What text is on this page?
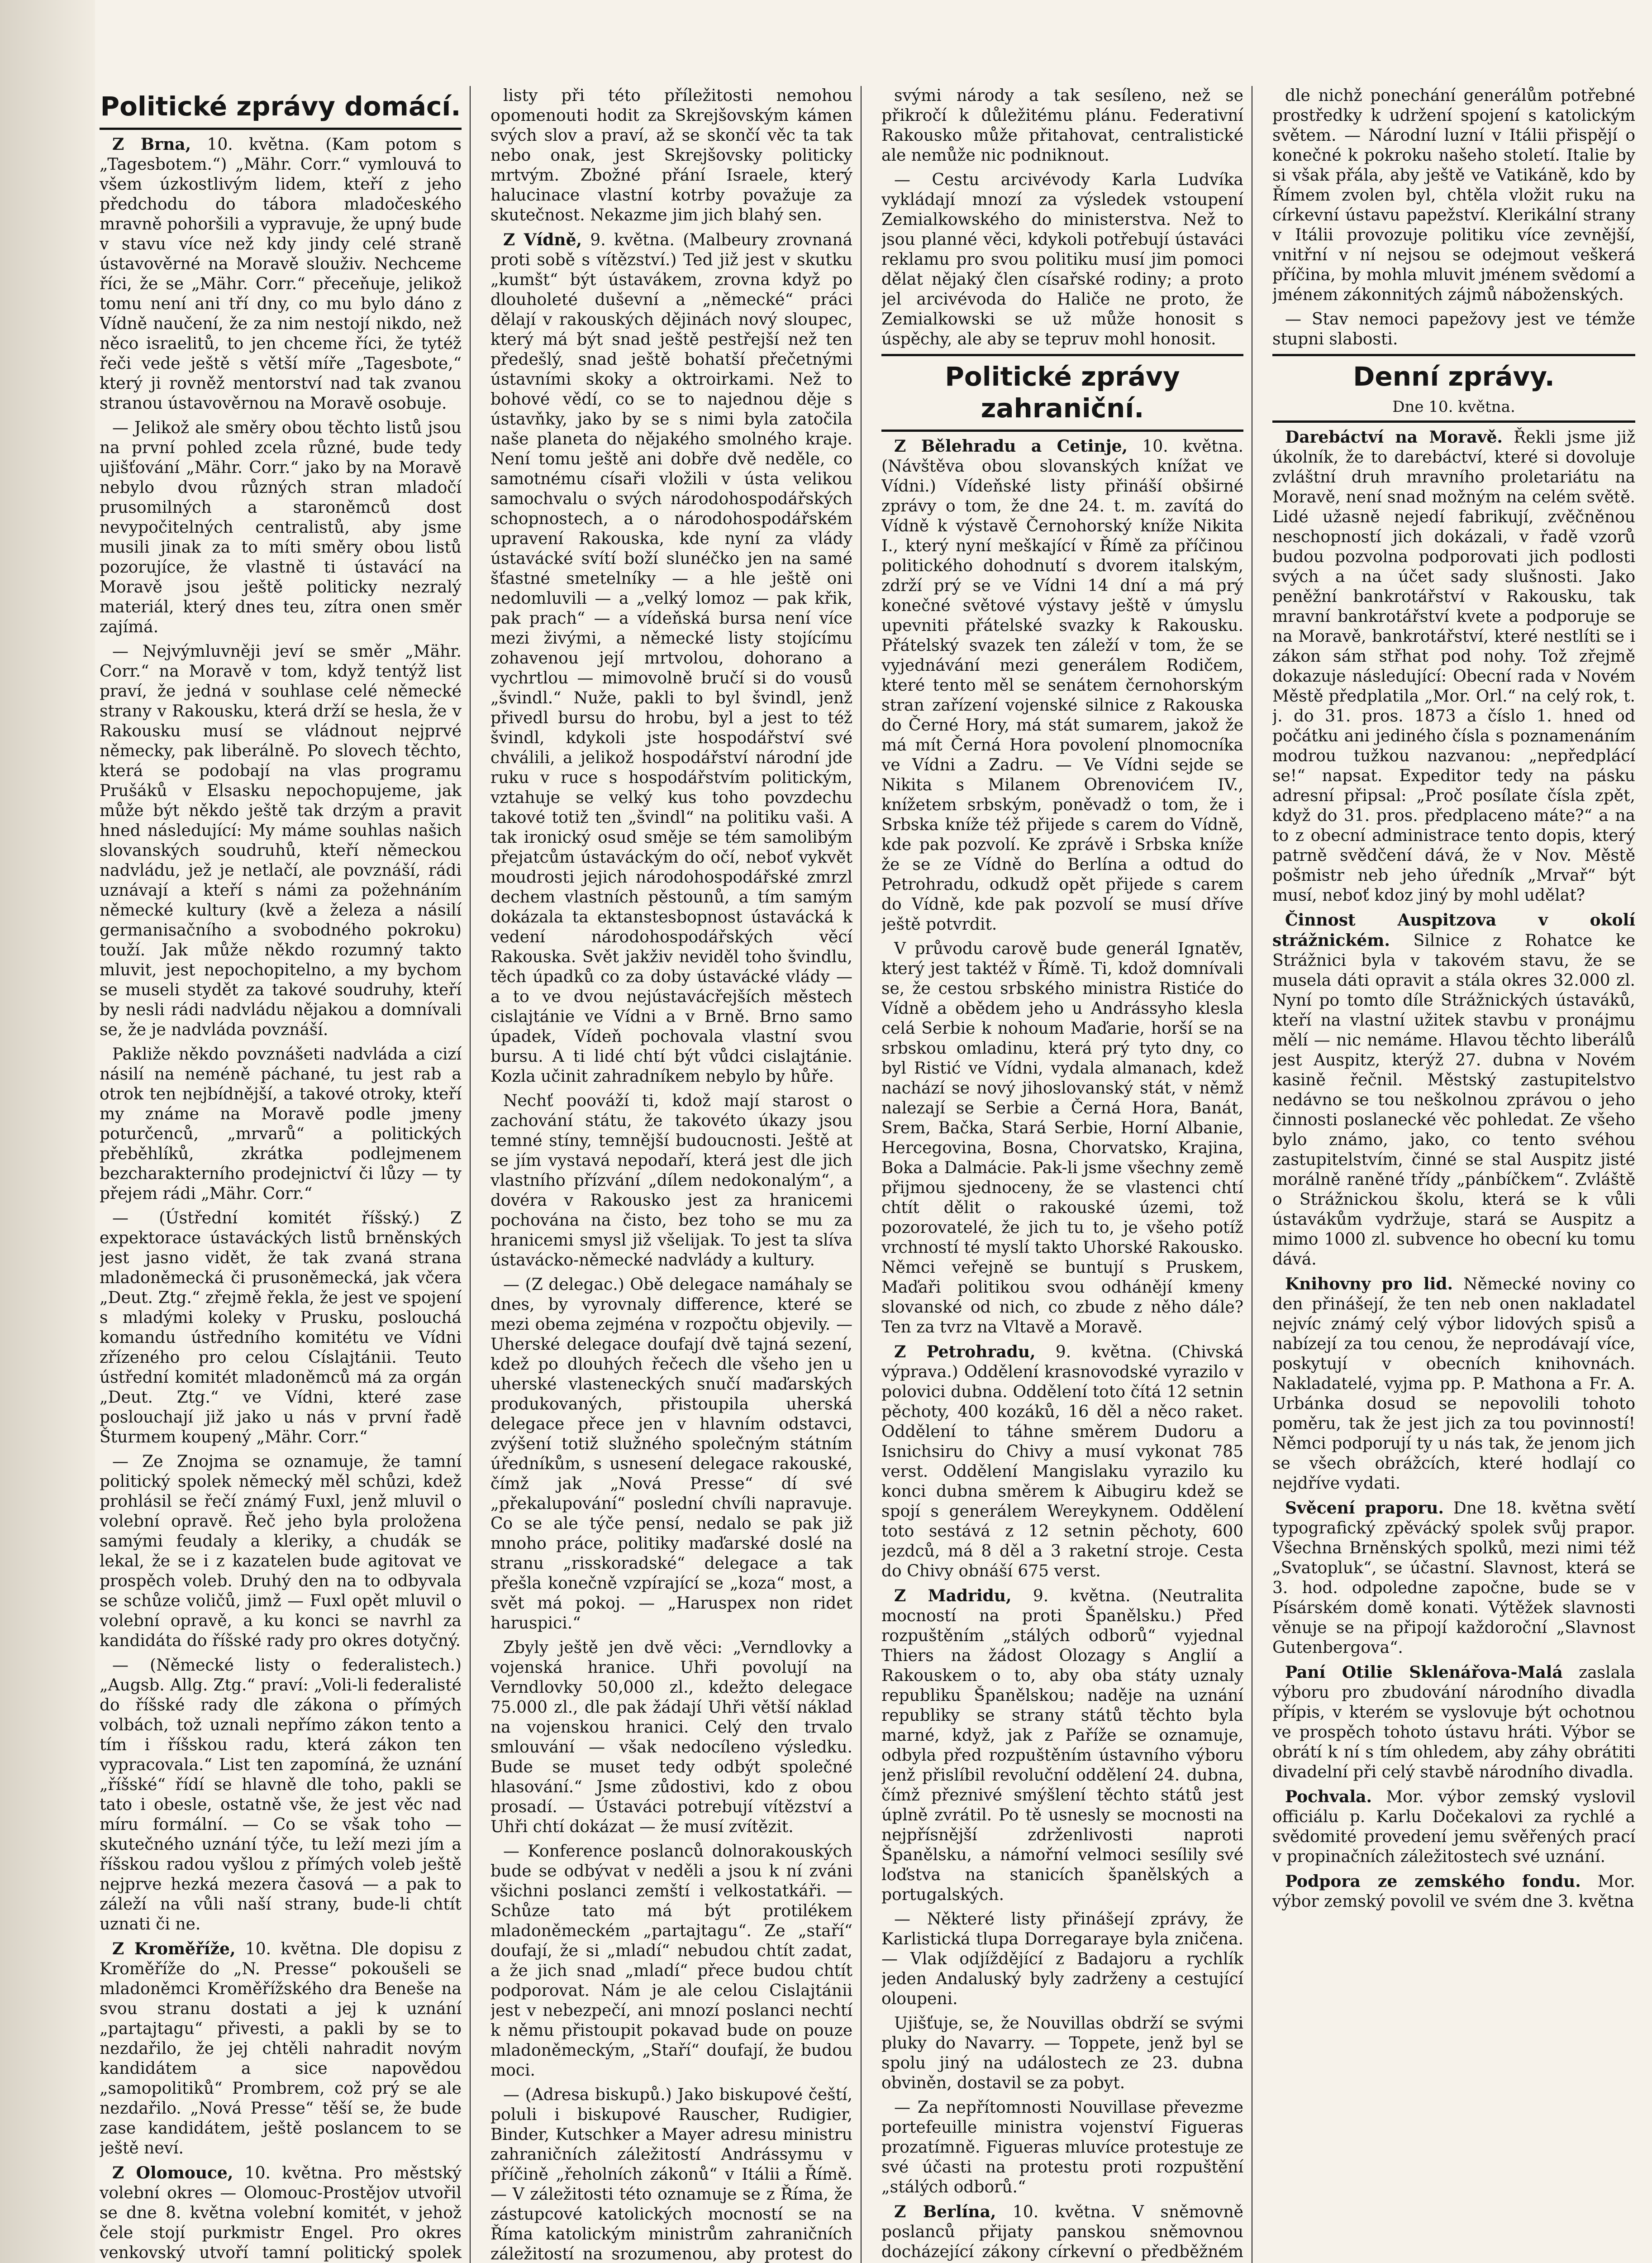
Politické zprávy domácí.

Z Brna, 10. května. (Kam potom s „Tagesbotem.“) „Mähr. Corr.“ vymlouvá to všem úzkostlivým lidem, kteří z jeho předchodu do tábora mladočeského mravně pohoršili a vypravuje, že upný bude v stavu více než kdy jindy celé straně ústavověrné na Moravě slouživ. Nechceme říci, že se „Mähr. Corr.“ přeceňuje, jelikož tomu není ani tří dny, co mu bylo dáno z Vídně naučení, že za nim nestojí nikdo, než něco israelitů, to jen chceme říci, že tytéž řeči vede ještě s větší míře „Tagesbote,“ který ji rovněž mentorství nad tak zvanou stranou ústavověrnou na Moravě osobuje.

— Jelikož ale směry obou těchto listů jsou na první pohled zcela různé, bude tedy ujišťování „Mähr. Corr.“ jako by na Moravě nebylo dvou různých stran mladočí prusomilných a staroněmců dost nevypočitelných centralistů, aby jsme musili jinak za to míti směry obou listů pozorujíce, že vlastně ti ústavácí na Moravě jsou ještě politicky nezralý materiál, který dnes teu, zítra onen směr zajímá.

— Nejvýmluvněji jeví se směr „Mähr. Corr.“ na Moravě v tom, když tentýž list praví, že jedná v souhlase celé německé strany v Rakousku, která drží se hesla, že v Rakousku musí se vládnout nejprvé německy, pak liberálně. Po slovech těchto, která se podobají na vlas programu Prušáků v Elsasku nepochopujeme, jak může být někdo ještě tak drzým a pravit hned následující: My máme souhlas našich slovanských soudruhů, kteří německou nadvládu, jež je netlačí, ale povznáší, rádi uznávají a kteří s námi za požehnáním německé kultury (kvě a železa a násilí germanisačního a svobodného pokroku) touží. Jak může někdo rozumný takto mluvit, jest nepochopitelno, a my bychom se museli stydět za takové soudruhy, kteří by nesli rádi nadvládu nějakou a domnívali se, že je nadvláda povznáší.

Pakliže někdo povznášeti nadvláda a cizí násilí na neméně páchané, tu jest rab a otrok ten nejbídnější, a takové otroky, kteří my známe na Moravě podle jmeny poturčenců, „mrvarů“ a politických přeběhlíků, zkrátka podlejmenem bezcharakterního prodejnictví či lůzy — ty přejem rádi „Mähr. Corr.“

— (Ústřední komitét říšský.) Z expektorace ústaváckých listů brněnských jest jasno vidět, že tak zvaná strana mladoněmecká či prusoněmecká, jak včera „Deut. Ztg.“ zřejmě řekla, že jest ve spojení s mladými koleky v Prusku, poslouchá komandu ústředního komitétu ve Vídni zřízeného pro celou Císlajtánii. Teuto ústřední komitét mladoněmců má za orgán „Deut. Ztg.“ ve Vídni, které zase poslouchají již jako u nás v první řadě Šturmem koupený „Mähr. Corr.“

— Ze Znojma se oznamuje, že tamní politický spolek německý měl schůzi, kdež prohlásil se řečí známý Fuxl, jenž mluvil o volební opravě. Řeč jeho byla proložena samými feudaly a kleriky, a chudák se lekal, že se i z kazatelen bude agitovat ve prospěch voleb. Druhý den na to odbyvala se schůze voličů, jimž — Fuxl opět mluvil o volební opravě, a ku konci se navrhl za kandidáta do říšské rady pro okres dotyčný.

— (Německé listy o federalistech.) „Augsb. Allg. Ztg.“ praví: „Voli-li federalisté do říšské rady dle zákona o přímých volbách, tož uznali nepřímo zákon tento a tím i říšskou radu, která zákon ten vypracovala.“ List ten zapomíná, že uznání „říšské“ řídí se hlavně dle toho, pakli se tato i obesle, ostatně vše, že jest věc nad míru formální. — Co se však toho — skutečného uznání týče, tu leží mezi jím a říšskou radou vyšlou z přímých voleb ještě nejprve hezká mezera časová — a pak to záleží na vůli naší strany, bude-li chtít uznati či ne.

Z Kroměříže, 10. května. Dle dopisu z Kroměříže do „N. Presse“ pokoušeli se mladoněmci Kroměřížského dra Beneše na svou stranu dostati a jej k uznání „partajtagu“ přivesti, a pakli by se to nezdařilo, že jej chtěli nahradit novým kandidátem a sice napovědou „samopolitiků“ Prombrem, což prý se ale nezdařilo. „Nová Presse“ těší se, že bude zase kandidátem, ještě poslancem to se ještě neví.

Z Olomouce, 10. května. Pro městský volební okres — Olomouc-Prostějov utvořil se dne 8. května volební komitét, v jehož čele stojí purkmistr Engel. Pro okres venkovský utvoří tamní politický spolek

listy při této příležitosti nemohou opomenouti hodit za Skrejšovským kámen svých slov a praví, až se skončí věc ta tak nebo onak, jest Skrejšovsky politicky mrtvým. Zbožné přání Israele, který halucinace vlastní kotrby považuje za skutečnost. Nekazme jim jich blahý sen.

Z Vídně, 9. května. (Malbeury zrovnaná proti sobě s vítězství.) Ted již jest v skutku „kumšt“ být ústavákem, zrovna když po dlouholeté duševní a „německé“ práci dělají v rakouských dějinách nový sloupec, který má být snad ještě pestřejší než ten předešlý, snad ještě bohatší přečetnými ústavními skoky a oktroirkami. Než to bohové vědí, co se to najednou děje s ústavňky, jako by se s nimi byla zatočila naše planeta do nějakého smolného kraje. Není tomu ještě ani dobře dvě neděle, co samotnému císaři vložili v ústa velikou samochvalu o svých národohospodářských schopnostech, a o národohospodářském upravení Rakouska, kde nyní za vlády ústavácké svítí boží slunéčko jen na samé šťastné smetelníky — a hle ještě oni nedomluvili — a „velký lomoz — pak křik, pak prach“ — a vídeňská bursa není více mezi živými, a německé listy stojícímu zohavenou její mrtvolou, dohorano a vychrtlou — mimovolně bručí si do vousů „švindl.“ Nuže, pakli to byl švindl, jenž přivedl bursu do hrobu, byl a jest to též švindl, kdykoli jste hospodářství své chválili, a jelikož hospodářství národní jde ruku v ruce s hospodářstvím politickým, vztahuje se velký kus toho povzdechu takové totiž ten „švindl“ na politiku vaši. A tak ironický osud směje se tém samolibým přejatcům ústaváckým do očí, neboť vykvět moudrosti jejich národohospodářské zmrzl dechem vlastních pěstounů, a tím samým dokázala ta ektanstesbopnost ústavácká k vedení národohospodářských věcí Rakouska. Svět jakživ neviděl toho švindlu, těch úpadků co za doby ústavácké vlády — a to ve dvou nejústavácřejších městech cislajtánie ve Vídni a v Brně. Brno samo úpadek, Vídeň pochovala vlastní svou bursu. A ti lidé chtí být vůdci cislajtánie. Kozla učinit zahradníkem nebylo by hůře.

Nechť poováží ti, kdož mají starost o zachování státu, že takovéto úkazy jsou temné stíny, temnější budoucnosti. Ještě at se jím vystavá nepodaří, která jest dle jich vlastního přízvání „dílem nedokonalým“, a dovéra v Rakousko jest za hranicemi pochována na čisto, bez toho se mu za hranicemi smysl již všelijak. To jest ta slíva ústavácko-německé nadvlády a kultury.

— (Z delegac.) Obě delegace namáhaly se dnes, by vyrovnaly difference, které se mezi obema zejména v rozpočtu objevily. — Uherské delegace doufají dvě tajná sezení, kdež po dlouhých řečech dle všeho jen u uherské vlasteneckých snučí maďarských produkovaných, přistoupila uherská delegace přece jen v hlavním odstavci, zvýšení totiž služného společným státním úředníkům, s usnesení delegace rakouské, čímž jak „Nová Presse“ dí své „překalupování“ poslední chvíli napravuje. Co se ale týče pensí, nedalo se pak již mnoho práce, politiky maďarské doslé na stranu „risskoradské“ delegace a tak přešla konečně vzpírající se „koza“ most, a svět má pokoj. — „Haruspex non ridet haruspici.“

Zbyly ještě jen dvě věci: „Verndlovky a vojenská hranice. Uhři povolují na Verndlovky 50,000 zl., kdežto delegace 75.000 zl., dle pak žádají Uhři větší náklad na vojenskou hranici. Celý den trvalo smlouvání — však nedocíleno výsledku. Bude se muset tedy odbýt společné hlasování.“ Jsme zůdostivi, kdo z obou prosadí. — Ústaváci potrebují vítězství a Uhři chtí dokázat — že musí zvítězit.

— Konference poslanců dolnorakouských bude se odbývat v neděli a jsou k ní zváni všichni poslanci zemští i velkostatkáři. — Schůze tato má být protilékem mladoněmeckém „partajtagu“. Ze „staří“ doufají, že si „mladí“ nebudou chtít zadat, a že jich snad „mladí“ přece budou chtít podporovat. Nám je ale celou Cislajtánii jest v nebezpečí, ani mnozí poslanci nechtí k němu přistoupit pokavad bude on pouze mladoněmeckým, „Staří“ doufají, že budou moci.

— (Adresa biskupů.) Jako biskupové čeští, poluli i biskupové Rauscher, Rudigier, Binder, Kutschker a Mayer adresu ministru zahraničních záležitostí Andrássymu v příčině „řeholních zákonů“ v Itálii a Římě. — V záležitosti této oznamuje se z Říma, že zástupcové katolických mocností se na Říma katolickým ministrům zahraničních záležitostí na srozumenou, aby protest do

svými národy a tak sesíleno, než se přikročí k důležitému plánu. Federativní Rakousko může přitahovat, centralistické ale nemůže nic podniknout.

— Cestu arcivévody Karla Ludvíka vykládají mnozí za výsledek vstoupení Zemialkowského do ministerstva. Než to jsou planné věci, kdykoli potřebují ústaváci reklamu pro svou politiku musí jim pomoci dělat nějaký člen císařské rodiny; a proto jel arcivévoda do Haliče ne proto, že Zemialkowski se už může honosit s úspěchy, ale aby se tepruv mohl honosit.

Politické zprávy zahraniční.

Z Bělehradu a Cetinje, 10. května. (Návštěva obou slovanských knížat ve Vídni.) Vídeňské listy přináší obširné zprávy o tom, že dne 24. t. m. zavítá do Vídně k výstavě Černohorský kníže Nikita I., který nyní meškající v Římě za příčinou politického dohodnutí s dvorem italským, zdrží prý se ve Vídni 14 dní a má prý konečné světové výstavy ještě v úmyslu upevniti přátelské svazky k Rakousku. Přátelský svazek ten záleží v tom, že se vyjednávání mezi generálem Rodičem, které tento měl se senátem černohorským stran zařízení vojenské silnice z Rakouska do Černé Hory, má stát sumarem, jakož že má mít Černá Hora povolení plnomocníka ve Vídni a Zadru. — Ve Vídni sejde se Nikita s Milanem Obrenovićem IV., knížetem srbským, poněvadž o tom, že i Srbska kníže též přijede s carem do Vídně, kde pak pozvolí. Ke zprávě i Srbska kníže že se ze Vídně do Berlína a odtud do Petrohradu, odkudž opět přijede s carem do Vídně, kde pak pozvolí se musí dříve ještě potvrdit.

V průvodu carově bude generál Ignatěv, který jest taktéž v Římě. Ti, kdož domnívali se, že cestou srbského ministra Ristiće do Vídně a obědem jeho u Andrássyho klesla celá Serbie k nohoum Maďarie, horší se na srbskou omladinu, která prý tyto dny, co byl Ristić ve Vídni, vydala almanach, kdež nachází se nový jihoslovanský stát, v němž nalezají se Serbie a Černá Hora, Banát, Srem, Bačka, Stará Serbie, Horní Albanie, Hercegovina, Bosna, Chorvatsko, Krajina, Boka a Dalmácie. Pak-li jsme všechny země přijmou sjednoceny, že se vlastenci chtí chtít dělit o rakouské územi, tož pozorovatelé, že jich tu to, je všeho potíž vrchností té myslí takto Uhorské Rakousko. Němci veřejně se buntují s Pruskem, Maďaři politikou svou odhánějí kmeny slovanské od nich, co zbude z něho dále? Ten za tvrz na Vltavě a Moravě.

Z Petrohradu, 9. května. (Chivská výprava.) Oddělení krasnovodské vyrazilo v polovici dubna. Oddělení toto čítá 12 setnin pěchoty, 400 kozáků, 16 děl a něco raket. Oddělení to táhne směrem Dudoru a Isnichsiru do Chivy a musí vykonat 785 verst. Oddělení Mangislaku vyrazilo ku konci dubna směrem k Aibugiru kdež se spojí s generálem Wereykynem. Oddělení toto sestává z 12 setnin pěchoty, 600 jezdců, má 8 děl a 3 raketní stroje. Cesta do Chivy obnáší 675 verst.

Z Madridu, 9. května. (Neutralita mocností na proti Španělsku.) Před rozpuštěním „stálých odborů“ vyjednal Thiers na žádost Olozagy s Anglií a Rakouskem o to, aby oba státy uznaly republiku Španělskou; naděje na uznání republiky se strany států těchto byla marné, když, jak z Paříže se oznamuje, odbyla před rozpuštěním ústavního výboru jenž přislíbil revoluční oddělení 24. dubna, čímž přeznivé smýšlení těchto států jest úplně zvrátil. Po tě usnesly se mocnosti na nejpřísnější zdrženlivosti naproti Španělsku, a námořní velmoci sesílily své loďstva na stanicích španělských a portugalských.

— Některé listy přinášejí zprávy, že Karlistická tlupa Dorregaraye byla zničena. — Vlak odjíždějící z Badajoru a rychlík jeden Andaluský byly zadrženy a cestující oloupeni.

Ujišťuje, se, že Nouvillas obdrží se svými pluky do Navarry. — Toppete, jenž byl se spolu jiný na událostech ze 23. dubna obviněn, dostavil se za pobyt.

— Za nepřítomnosti Nouvillase převezme portefeuille ministra vojenství Figueras prozatímně. Figueras mluvíce protestuje ze své účasti na protestu proti rozpuštění „stálých odborů.“

Z Berlína, 10. května. V sněmovně poslanců přijaty panskou sněmovnou docházející zákony církevní o předběžném

dle nichž ponechání generálům potřebné prostředky k udržení spojení s katolickým světem. — Národní luzní v Itálii přispějí o konečné k pokroku našeho století. Italie by si však přála, aby ještě ve Vatikáně, kdo by Římem zvolen byl, chtěla vložit ruku na církevní ústavu papežství. Klerikální strany v Itálii provozuje politiku více zevnější, vnitřní v ní nejsou se odejmout veškerá příčina, by mohla mluvit jménem svědomí a jménem zákonnitých zájmů náboženských.

— Stav nemoci papežovy jest ve témže stupni slabosti.

Denní zprávy.
Dne 10. května.

Darebáctví na Moravě. Řekli jsme již úkolník, že to darebáctví, které si dovoluje zvláštní druh mravního proletariátu na Moravě, není snad možným na celém světě. Lidé užasně nejedí fabrikují, zvěčněnou neschopností jich dokázali, v řadě vzorů budou pozvolna podporovati jich podlosti svých a na účet sady slušnosti. Jako peněžní bankrotářství v Rakousku, tak mravní bankrotářství kvete a podporuje se na Moravě, bankrotářství, které nestlíti se i zákon sám střhat pod nohy. Tož zřejmě dokazuje následující: Obecní rada v Novém Městě předplatila „Mor. Orl.“ na celý rok, t. j. do 31. pros. 1873 a číslo 1. hned od počátku ani jediného čísla s poznamenáním modrou tužkou nazvanou: „nepředplácí se!“ napsat. Expeditor tedy na pásku adresní připsal: „Proč posílate čísla zpět, když do 31. pros. předplaceno máte?“ a na to z obecní administrace tento dopis, který patrně svědčení dává, že v Nov. Městě pošmistr neb jeho úředník „Mrvař“ být musí, neboť kdoz jiný by mohl udělat?

Činnost Auspitzova v okolí strážnickém. Silnice z Rohatce ke Strážnici byla v takovém stavu, že se musela dáti opravit a stála okres 32.000 zl. Nyní po tomto díle Strážnických ústaváků, kteří na vlastní užitek stavbu v pronájmu mělí — nic nemáme. Hlavou těchto liberálů jest Auspitz, kterýž 27. dubna v Novém kasině řečnil. Městský zastupitelstvo nedávno se tou neškolnou zprávou o jeho činnosti poslanecké věc pohledat. Ze všeho bylo známo, jako, co tento svéhou zastupitelstvím, činné se stal Auspitz jisté morálně raněné třídy „pánbíčkem“. Zvláště o Strážnickou školu, která se k vůli ústavákům vydržuje, stará se Auspitz a mimo 1000 zl. subvence ho obecní ku tomu dává.

Knihovny pro lid. Německé noviny co den přinášejí, že ten neb onen nakladatel nejvíc známý celý výbor lidových spisů a nabízejí za tou cenou, že neprodávají více, poskytují v obecních knihovnách. Nakladatelé, vyjma pp. P. Mathona a Fr. A. Urbánka dosud se nepovolili tohoto poměru, tak že jest jich za tou povinností! Němci podporují ty u nás tak, že jenom jich se všech obrážcích, které hodlají co nejdříve vydati.

Svěcení praporu. Dne 18. května světí typografický zpěvácký spolek svůj prapor. Všechna Brněnských spolků, mezi nimi též „Svatopluk“, se účastní. Slavnost, která se 3. hod. odpoledne započne, bude se v Písárském domě konati. Výtěžek slavnosti věnuje se na připojí každoroční „Slavnost Gutenbergova“.

Paní Otilie Sklenářova-Malá zaslala výboru pro zbudování národního divadla přípis, v kterém se vyslovuje být ochotnou ve prospěch tohoto ústavu hráti. Výbor se obrátí k ní s tím ohledem, aby záhy obrátiti divadelní při celý stavbě národního divadla.

Pochvala. Mor. výbor zemský vyslovil officiálu p. Karlu Dočekalovi za rychlé a svědomité provedení jemu svěřených prací v propinačních záležitostech své uznání.

Podpora ze zemského fondu. Mor. výbor zemský povolil ve svém dne 3. května
